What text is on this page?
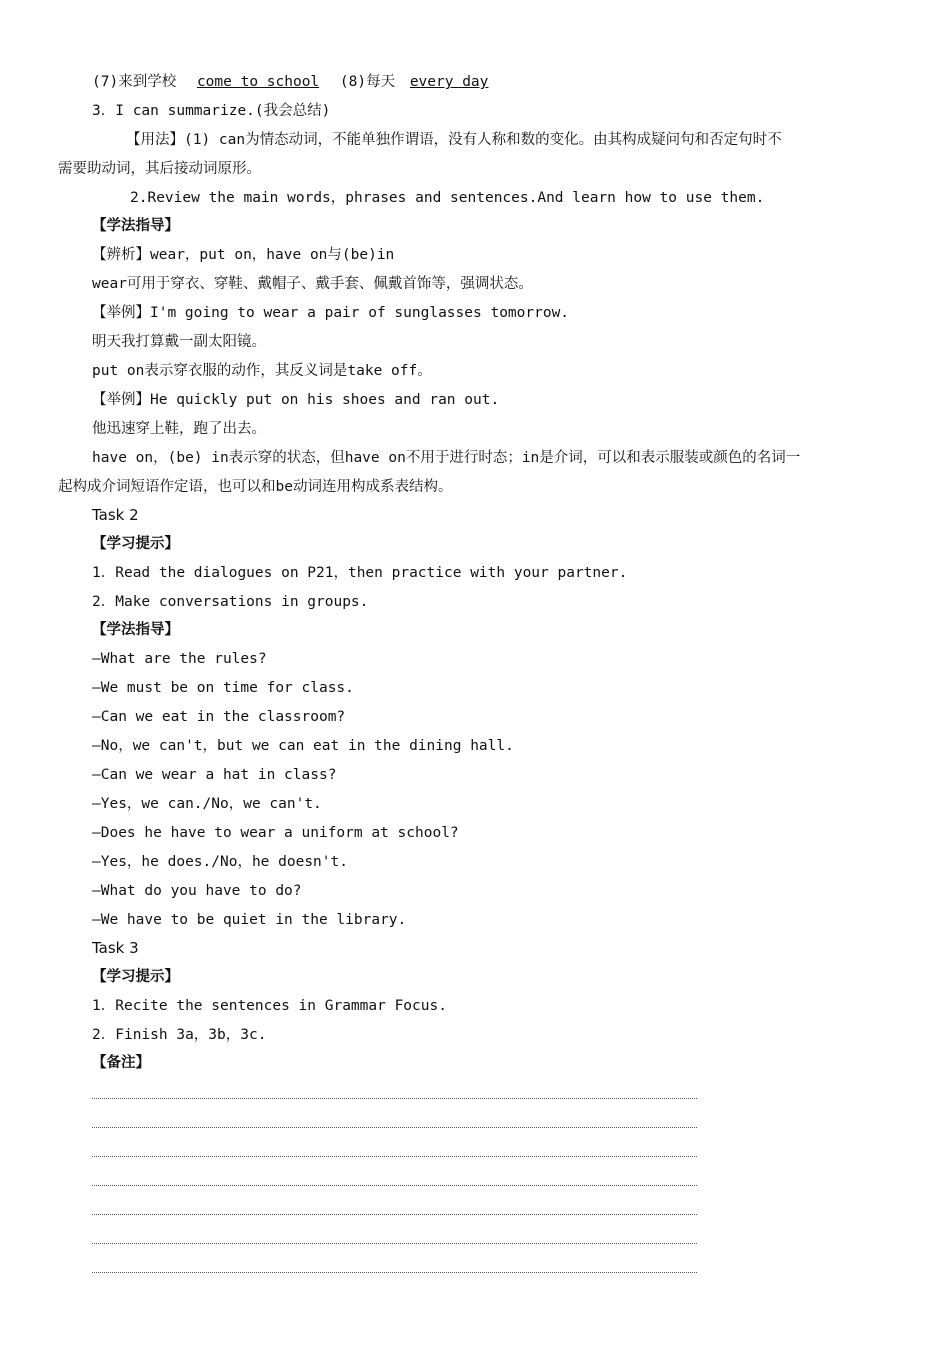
(7)来到学校 come to school (8)每天 every day
3．I can summarize.(我会总结)
【用法】(1) can为情态动词，不能单独作谓语，没有人称和数的变化。由其构成疑问句和否定句时不
需要助动词，其后接动词原形。
2.Review the main words，phrases and sentences.And learn how to use them.
【学法指导】
【辨析】wear，put on，have on与(be)in
wear可用于穿衣、穿鞋、戴帽子、戴手套、佩戴首饰等，强调状态。
【举例】I'm going to wear a pair of sunglasses tomorrow.
明天我打算戴一副太阳镜。
put on表示穿衣服的动作，其反义词是take off。
【举例】He quickly put on his shoes and ran out.
他迅速穿上鞋，跑了出去。
have on，(be) in表示穿的状态，但have on不用于进行时态；in是介词，可以和表示服装或颜色的名词一
起构成介词短语作定语，也可以和be动词连用构成系表结构。
Task 2
【学习提示】
1．Read the dialogues on P21，then practice with your partner.
2．Make conversations in groups.
【学法指导】
—What are the rules?
—We must be on time for class.
—Can we eat in the classroom?
—No，we can't，but we can eat in the dining hall.
—Can we wear a hat in class?
—Yes，we can./No，we can't.
—Does he have to wear a uniform at school?
—Yes，he does./No，he doesn't.
—What do you have to do?
—We have to be quiet in the library.
Task 3
【学习提示】
1．Recite the sentences in Grammar Focus.
2．Finish 3a，3b，3c.
【备注】
